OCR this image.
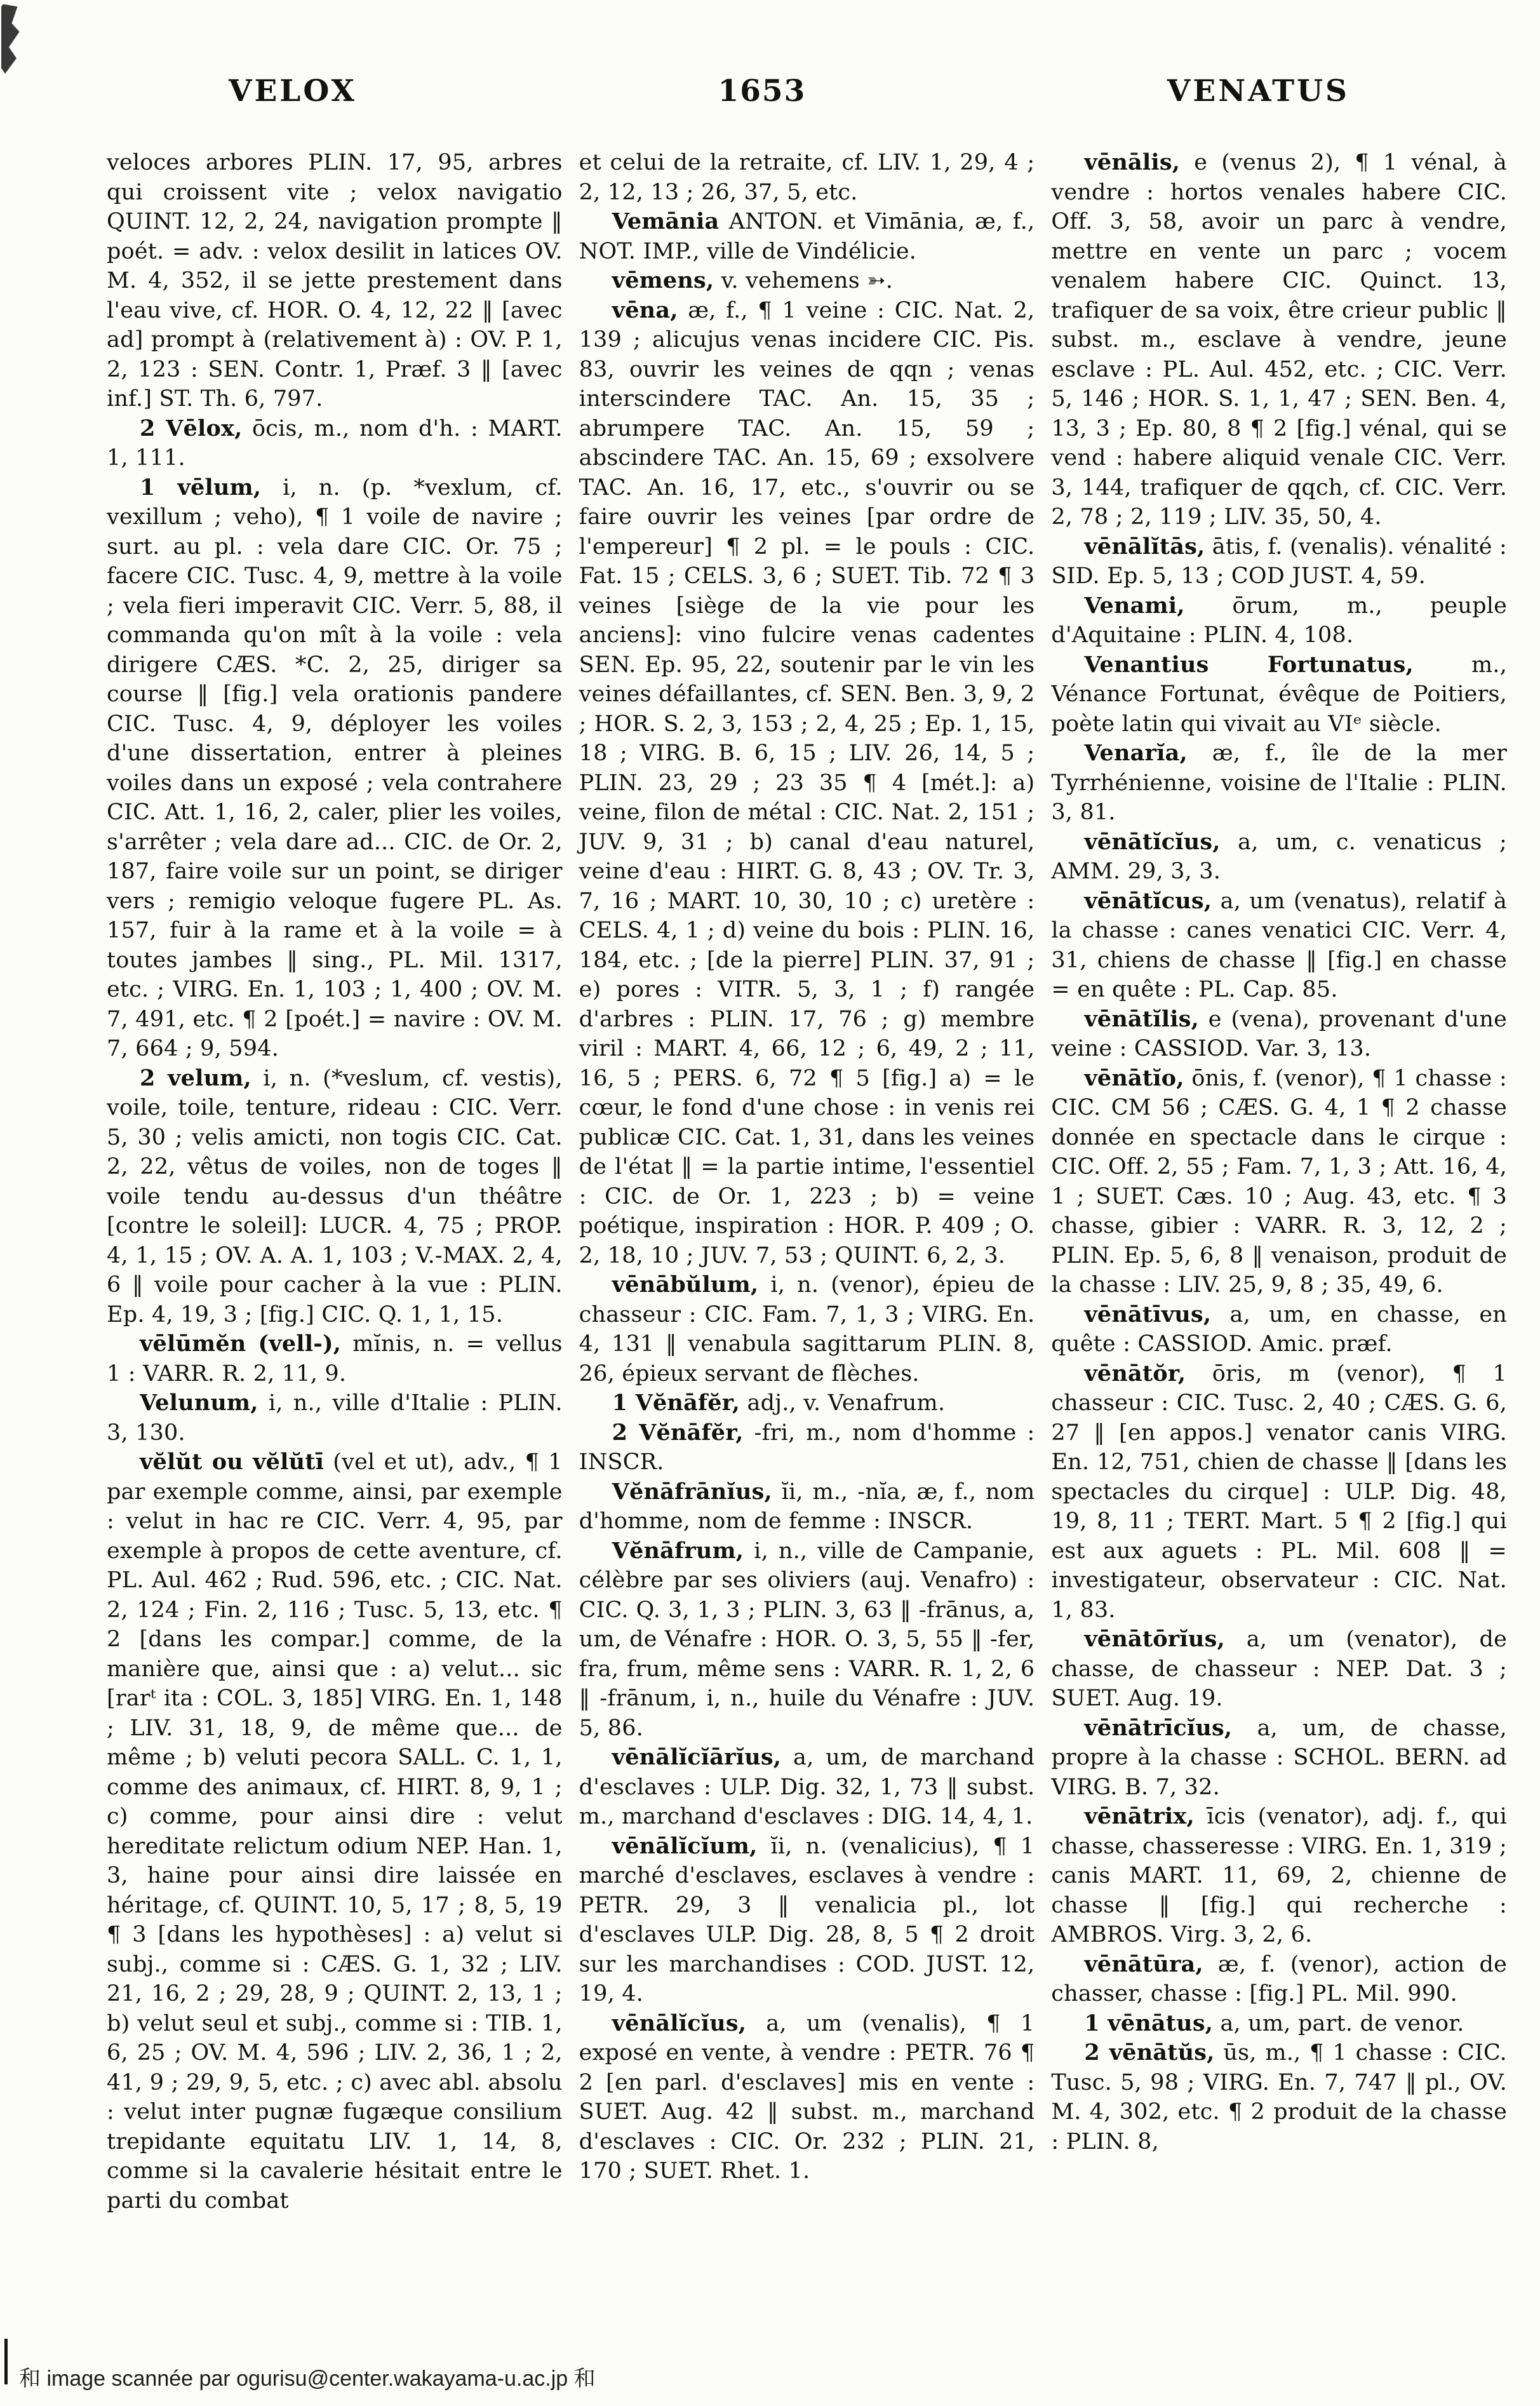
VELOX	1653	VENATUS

veloces arbores PLIN. 17, 95, arbres qui croissent vite ; velox navigatio QUINT. 12, 2, 24, navigation prompte ‖ poét. = adv. : velox desilit in latices OV. M. 4, 352, il se jette prestement dans l'eau vive, cf. HOR. O. 4, 12, 22 ‖ [avec ad] prompt à (relativement à) : OV. P. 1, 2, 123 : SEN. Contr. 1, Præf. 3 ‖ [avec inf.] ST. Th. 6, 797.

2 Vēlox, ōcis, m., nom d'h. : MART. 1, 111.

1 vēlum, i, n. (p. *vexlum, cf. vexillum ; veho), ¶ 1 voile de navire ; surt. au pl. : vela dare CIC. Or. 75 ; facere CIC. Tusc. 4, 9, mettre à la voile ; vela fieri imperavit CIC. Verr. 5, 88, il commanda qu'on mît à la voile : vela dirigere CÆS. *C. 2, 25, diriger sa course ‖ [fig.] vela orationis pandere CIC. Tusc. 4, 9, déployer les voiles d'une dissertation, entrer à pleines voiles dans un exposé ; vela contrahere CIC. Att. 1, 16, 2, caler, plier les voiles, s'arrêter ; vela dare ad... CIC. de Or. 2, 187, faire voile sur un point, se diriger vers ; remigio veloque fugere PL. As. 157, fuir à la rame et à la voile = à toutes jambes ‖ sing., PL. Mil. 1317, etc. ; VIRG. En. 1, 103 ; 1, 400 ; OV. M. 7, 491, etc. ¶ 2 [poét.] = navire : OV. M. 7, 664 ; 9, 594.

2 velum, i, n. (*veslum, cf. vestis), voile, toile, tenture, rideau : CIC. Verr. 5, 30 ; velis amicti, non togis CIC. Cat. 2, 22, vêtus de voiles, non de toges ‖ voile tendu au-dessus d'un théâtre [contre le soleil]: LUCR. 4, 75 ; PROP. 4, 1, 15 ; OV. A. A. 1, 103 ; V.-MAX. 2, 4, 6 ‖ voile pour cacher à la vue : PLIN. Ep. 4, 19, 3 ; [fig.] CIC. Q. 1, 1, 15.

vēlūmĕn (vell-), mĭnis, n. = vellus 1 : VARR. R. 2, 11, 9.

Velunum, i, n., ville d'Italie : PLIN. 3, 130.

vĕlŭt ou vĕlŭtī (vel et ut), adv., ¶ 1 par exemple comme, ainsi, par exemple : velut in hac re CIC. Verr. 4, 95, par exemple à propos de cette aventure, cf. PL. Aul. 462 ; Rud. 596, etc. ; CIC. Nat. 2, 124 ; Fin. 2, 116 ; Tusc. 5, 13, etc. ¶ 2 [dans les compar.] comme, de la manière que, ainsi que : a) velut... sic [rarᵗ ita : COL. 3, 185] VIRG. En. 1, 148 ; LIV. 31, 18, 9, de même que... de même ; b) veluti pecora SALL. C. 1, 1, comme des animaux, cf. HIRT. 8, 9, 1 ; c) comme, pour ainsi dire : velut hereditate relictum odium NEP. Han. 1, 3, haine pour ainsi dire laissée en héritage, cf. QUINT. 10, 5, 17 ; 8, 5, 19 ¶ 3 [dans les hypothèses] : a) velut si subj., comme si : CÆS. G. 1, 32 ; LIV. 21, 16, 2 ; 29, 28, 9 ; QUINT. 2, 13, 1 ; b) velut seul et subj., comme si : TIB. 1, 6, 25 ; OV. M. 4, 596 ; LIV. 2, 36, 1 ; 2, 41, 9 ; 29, 9, 5, etc. ; c) avec abl. absolu : velut inter pugnæ fugæque consilium trepidante equitatu LIV. 1, 14, 8, comme si la cavalerie hésitait entre le parti du combat

et celui de la retraite, cf. LIV. 1, 29, 4 ; 2, 12, 13 ; 26, 37, 5, etc.

Vemānia ANTON. et Vimānia, æ, f., NOT. IMP., ville de Vindélicie.

vēmens, v. vehemens ➳.

vēna, æ, f., ¶ 1 veine : CIC. Nat. 2, 139 ; alicujus venas incidere CIC. Pis. 83, ouvrir les veines de qqn ; venas interscindere TAC. An. 15, 35 ; abrumpere TAC. An. 15, 59 ; abscindere TAC. An. 15, 69 ; exsolvere TAC. An. 16, 17, etc., s'ouvrir ou se faire ouvrir les veines [par ordre de l'empereur] ¶ 2 pl. = le pouls : CIC. Fat. 15 ; CELS. 3, 6 ; SUET. Tib. 72 ¶ 3 veines [siège de la vie pour les anciens]: vino fulcire venas cadentes SEN. Ep. 95, 22, soutenir par le vin les veines défaillantes, cf. SEN. Ben. 3, 9, 2 ; HOR. S. 2, 3, 153 ; 2, 4, 25 ; Ep. 1, 15, 18 ; VIRG. B. 6, 15 ; LIV. 26, 14, 5 ; PLIN. 23, 29 ; 23 35 ¶ 4 [mét.]: a) veine, filon de métal : CIC. Nat. 2, 151 ; JUV. 9, 31 ; b) canal d'eau naturel, veine d'eau : HIRT. G. 8, 43 ; OV. Tr. 3, 7, 16 ; MART. 10, 30, 10 ; c) uretère : CELS. 4, 1 ; d) veine du bois : PLIN. 16, 184, etc. ; [de la pierre] PLIN. 37, 91 ; e) pores : VITR. 5, 3, 1 ; f) rangée d'arbres : PLIN. 17, 76 ; g) membre viril : MART. 4, 66, 12 ; 6, 49, 2 ; 11, 16, 5 ; PERS. 6, 72 ¶ 5 [fig.] a) = le cœur, le fond d'une chose : in venis rei publicæ CIC. Cat. 1, 31, dans les veines de l'état ‖ = la partie intime, l'essentiel : CIC. de Or. 1, 223 ; b) = veine poétique, inspiration : HOR. P. 409 ; O. 2, 18, 10 ; JUV. 7, 53 ; QUINT. 6, 2, 3.

vēnābŭlum, i, n. (venor), épieu de chasseur : CIC. Fam. 7, 1, 3 ; VIRG. En. 4, 131 ‖ venabula sagittarum PLIN. 8, 26, épieux servant de flèches.

1 Vĕnāfĕr, adj., v. Venafrum.

2 Vĕnāfĕr, -fri, m., nom d'homme : INSCR.

Vĕnāfrānĭus, ĭi, m., -nĭa, æ, f., nom d'homme, nom de femme : INSCR.

Vĕnāfrum, i, n., ville de Campanie, célèbre par ses oliviers (auj. Venafro) : CIC. Q. 3, 1, 3 ; PLIN. 3, 63 ‖ -frānus, a, um, de Vénafre : HOR. O. 3, 5, 55 ‖ -fer, fra, frum, même sens : VARR. R. 1, 2, 6 ‖ -frānum, i, n., huile du Vénafre : JUV. 5, 86.

vēnālĭcĭārĭus, a, um, de marchand d'esclaves : ULP. Dig. 32, 1, 73 ‖ subst. m., marchand d'esclaves : DIG. 14, 4, 1.

vēnālĭcĭum, ĭi, n. (venalicius), ¶ 1 marché d'esclaves, esclaves à vendre : PETR. 29, 3 ‖ venalicia pl., lot d'esclaves ULP. Dig. 28, 8, 5 ¶ 2 droit sur les marchandises : COD. JUST. 12, 19, 4.

vēnālĭcĭus, a, um (venalis), ¶ 1 exposé en vente, à vendre : PETR. 76 ¶ 2 [en parl. d'esclaves] mis en vente : SUET. Aug. 42 ‖ subst. m., marchand d'esclaves : CIC. Or. 232 ; PLIN. 21, 170 ; SUET. Rhet. 1.

vēnālis, e (venus 2), ¶ 1 vénal, à vendre : hortos venales habere CIC. Off. 3, 58, avoir un parc à vendre, mettre en vente un parc ; vocem venalem habere CIC. Quinct. 13, trafiquer de sa voix, être crieur public ‖ subst. m., esclave à vendre, jeune esclave : PL. Aul. 452, etc. ; CIC. Verr. 5, 146 ; HOR. S. 1, 1, 47 ; SEN. Ben. 4, 13, 3 ; Ep. 80, 8 ¶ 2 [fig.] vénal, qui se vend : habere aliquid venale CIC. Verr. 3, 144, trafiquer de qqch, cf. CIC. Verr. 2, 78 ; 2, 119 ; LIV. 35, 50, 4.

vēnālĭtās, ātis, f. (venalis). vénalité : SID. Ep. 5, 13 ; COD JUST. 4, 59.

Venami, ōrum, m., peuple d'Aquitaine : PLIN. 4, 108.

Venantius Fortunatus, m., Vénance Fortunat, évêque de Poitiers, poète latin qui vivait au VIᵉ siècle.

Venarĭa, æ, f., île de la mer Tyrrhénienne, voisine de l'Italie : PLIN. 3, 81.

vēnātĭcĭus, a, um, c. venaticus ; AMM. 29, 3, 3.

vēnātĭcus, a, um (venatus), relatif à la chasse : canes venatici CIC. Verr. 4, 31, chiens de chasse ‖ [fig.] en chasse = en quête : PL. Cap. 85.

vēnātĭlis, e (vena), provenant d'une veine : CASSIOD. Var. 3, 13.

vēnātĭo, ōnis, f. (venor), ¶ 1 chasse : CIC. CM 56 ; CÆS. G. 4, 1 ¶ 2 chasse donnée en spectacle dans le cirque : CIC. Off. 2, 55 ; Fam. 7, 1, 3 ; Att. 16, 4, 1 ; SUET. Cæs. 10 ; Aug. 43, etc. ¶ 3 chasse, gibier : VARR. R. 3, 12, 2 ; PLIN. Ep. 5, 6, 8 ‖ venaison, produit de la chasse : LIV. 25, 9, 8 ; 35, 49, 6.

vēnātīvus, a, um, en chasse, en quête : CASSIOD. Amic. præf.

vēnātŏr, ōris, m (venor), ¶ 1 chasseur : CIC. Tusc. 2, 40 ; CÆS. G. 6, 27 ‖ [en appos.] venator canis VIRG. En. 12, 751, chien de chasse ‖ [dans les spectacles du cirque] : ULP. Dig. 48, 19, 8, 11 ; TERT. Mart. 5 ¶ 2 [fig.] qui est aux aguets : PL. Mil. 608 ‖ = investigateur, observateur : CIC. Nat. 1, 83.

vēnātōrĭus, a, um (venator), de chasse, de chasseur : NEP. Dat. 3 ; SUET. Aug. 19.

vēnātrīcĭus, a, um, de chasse, propre à la chasse : SCHOL. BERN. ad VIRG. B. 7, 32.

vēnātrix, īcis (venator), adj. f., qui chasse, chasseresse : VIRG. En. 1, 319 ; canis MART. 11, 69, 2, chienne de chasse ‖ [fig.] qui recherche : AMBROS. Virg. 3, 2, 6.

vēnātūra, æ, f. (venor), action de chasser, chasse : [fig.] PL. Mil. 990.

1 vēnātus, a, um, part. de venor.

2 vēnātŭs, ūs, m., ¶ 1 chasse : CIC. Tusc. 5, 98 ; VIRG. En. 7, 747 ‖ pl., OV. M. 4, 302, etc. ¶ 2 produit de la chasse : PLIN. 8,

和 image scannée par ogurisu@center.wakayama-u.ac.jp 和
